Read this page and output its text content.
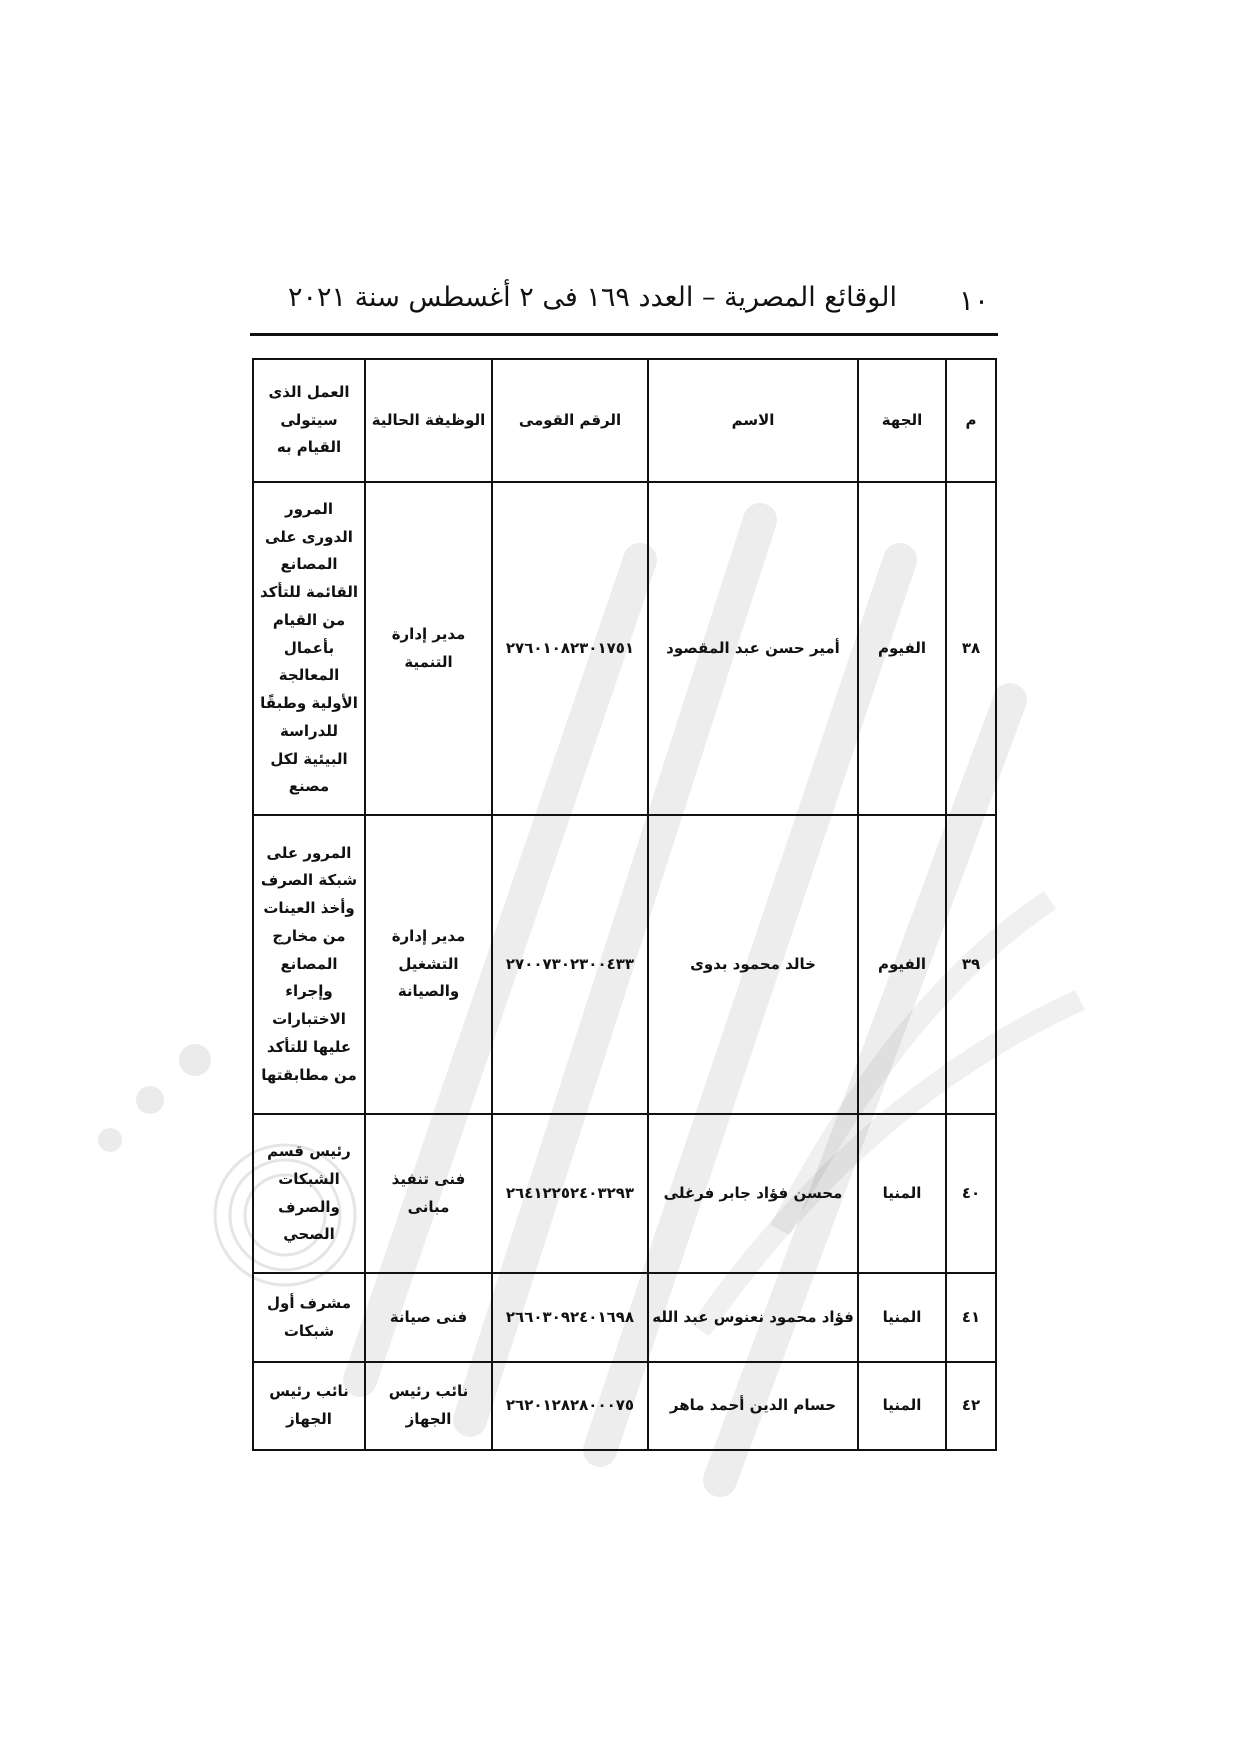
الوقائع المصرية – العدد ١٦٩ فى ٢ أغسطس سنة ٢٠٢١ ١٠
م	الجهة	الاسم	الرقم القومى	الوظيفة الحالية	العمل الذى سيتولى القيام به
٣٨	الفيوم	أمير حسن عبد المقصود	٢٧٦٠١٠٨٢٣٠١٧٥١	مدير إدارة التنمية	المرور الدورى على المصانع القائمة للتأكد من القيام بأعمال المعالجة الأولية وطبقًا للدراسة البيئية لكل مصنع
٣٩	الفيوم	خالد محمود بدوى	٢٧٠٠٧٣٠٢٣٠٠٤٣٣	مدير إدارة التشغيل والصيانة	المرور على شبكة الصرف وأخذ العينات من مخارج المصانع وإجراء الاختبارات عليها للتأكد من مطابقتها
٤٠	المنيا	محسن فؤاد جابر فرغلى	٢٦٤١٢٢٥٢٤٠٣٢٩٣	فنى تنفيذ مبانى	رئيس قسم الشبكات والصرف الصحي
٤١	المنيا	فؤاد محمود نعنوس عبد الله	٢٦٦٠٣٠٩٢٤٠١٦٩٨	فنى صيانة	مشرف أول شبكات
٤٢	المنيا	حسام الدين أحمد ماهر	٢٦٢٠١٢٨٢٨٠٠٠٧٥	نائب رئيس الجهاز	نائب رئيس الجهاز
